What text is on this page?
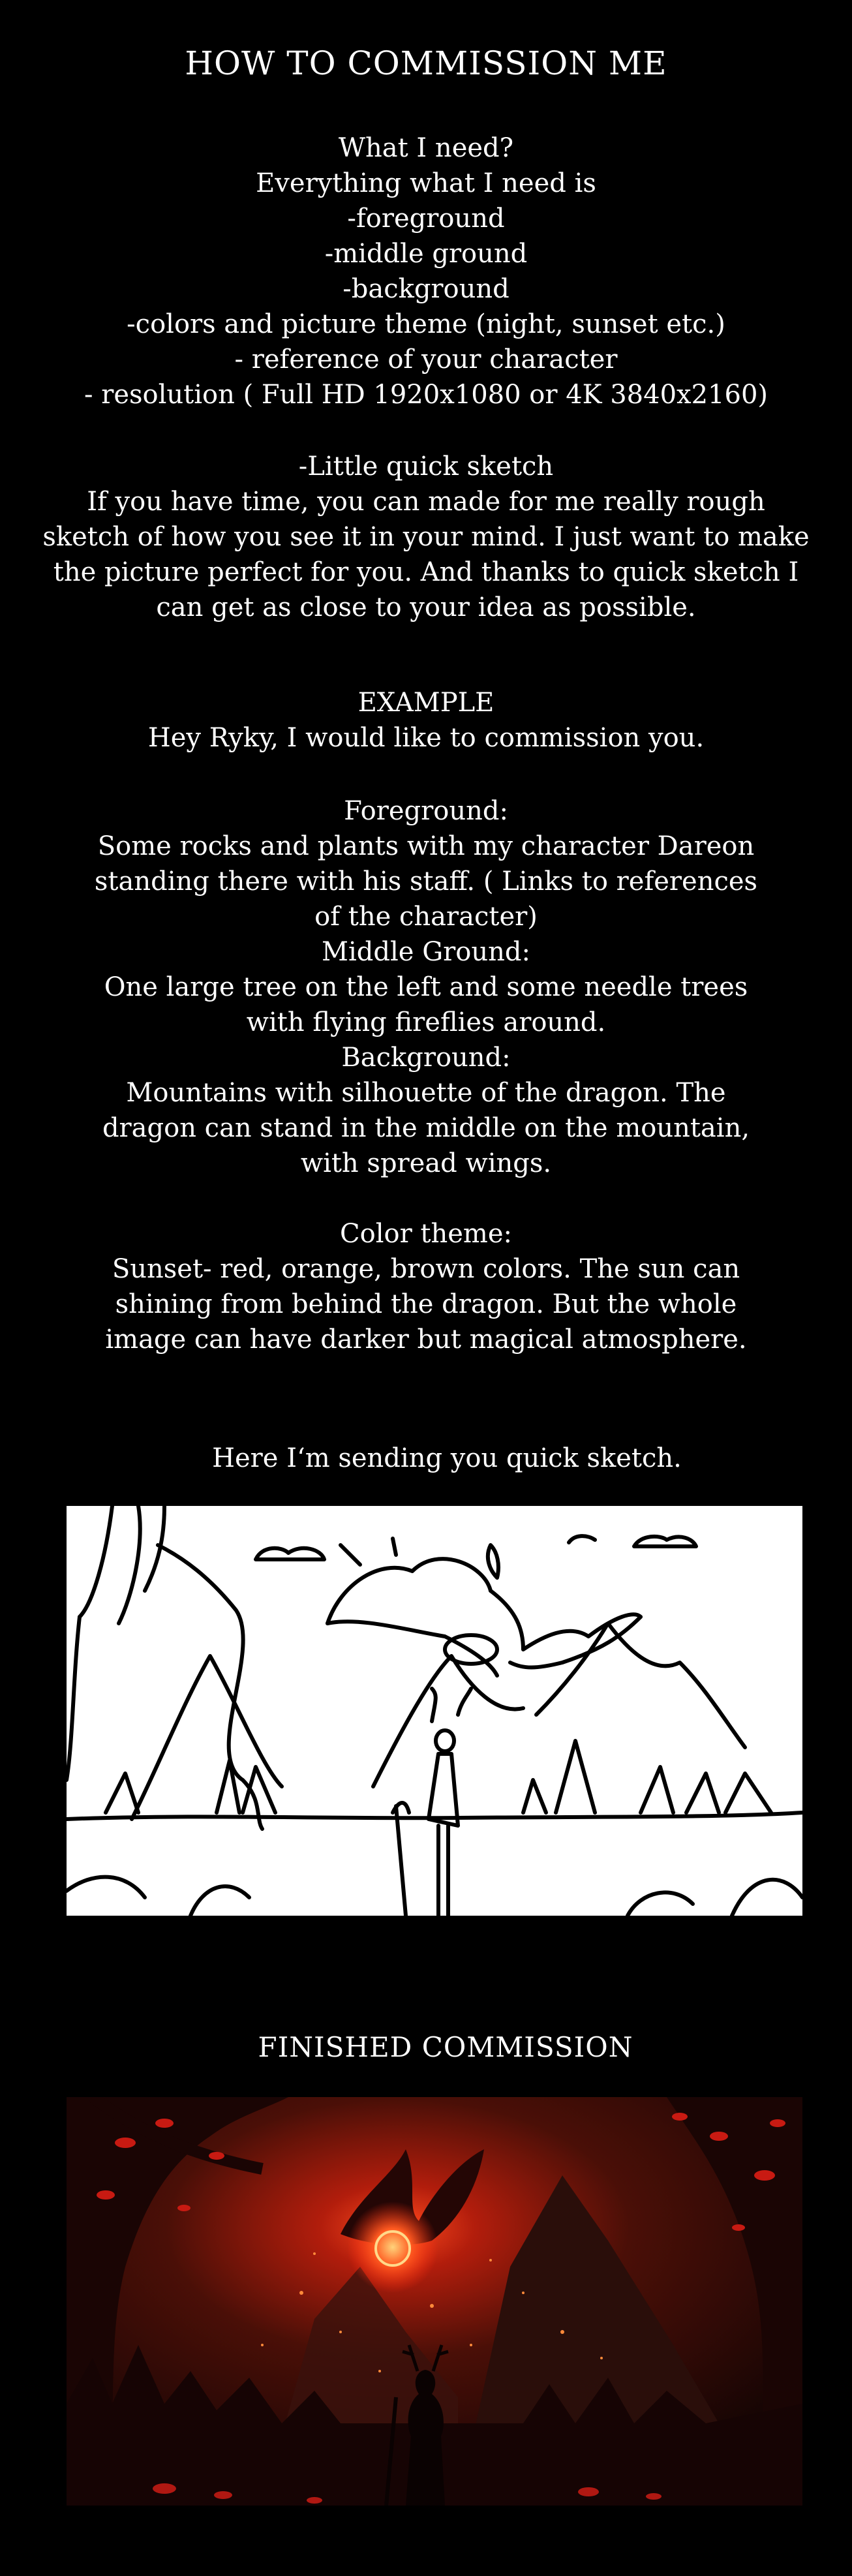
HOW TO COMMISSION ME
What I need?
Everything what I need is
-foreground
-middle ground
-background
-colors and picture theme (night, sunset etc.)
- reference of your character
- resolution ( Full HD 1920x1080 or 4K 3840x2160)
-Little quick sketch
If you have time, you can made for me really rough sketch of how you see it in your mind. I just want to make the picture perfect for you. And thanks to quick sketch I can get as close to your idea as possible.
EXAMPLE
Hey Ryky, I would like to commission you.
Foreground:
Some rocks and plants with my character Dareon standing there with his staff. ( Links to references of the character)
Middle Ground:
One large tree on the left and some needle trees with flying fireflies around.
Background:
Mountains with silhouette of the dragon. The dragon can stand in the middle on the mountain, with spread wings.
Color theme:
Sunset- red, orange, brown colors. The sun can shining from behind the dragon. But the whole image can have darker but magical atmosphere.
Here I‘m sending you quick sketch.
FINISHED COMMISSION
